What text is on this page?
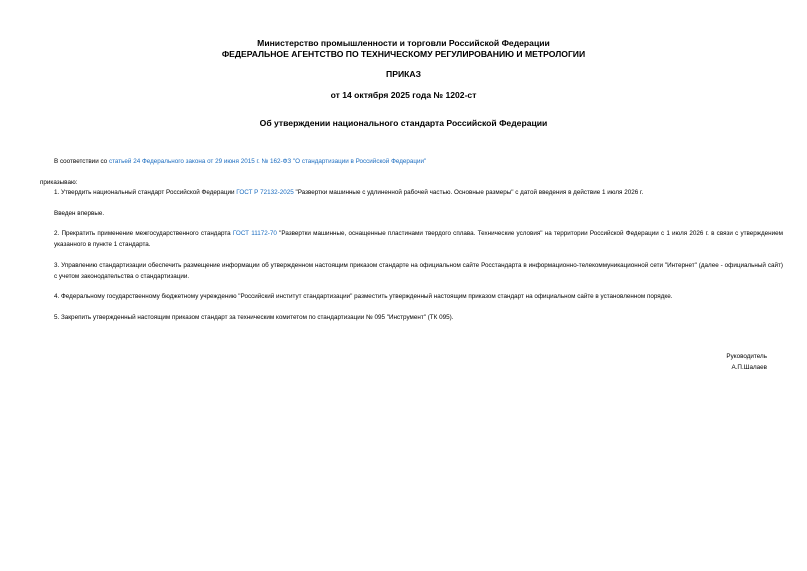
Министерство промышленности и торговли Российской Федерации
ФЕДЕРАЛЬНОЕ АГЕНТСТВО ПО ТЕХНИЧЕСКОМУ РЕГУЛИРОВАНИЮ И МЕТРОЛОГИИ
ПРИКАЗ
от 14 октября 2025 года № 1202-ст
Об утверждении национального стандарта Российской Федерации
В соответствии со статьей 24 Федерального закона от 29 июня 2015 г. № 162-ФЗ "О стандартизации в Российской Федерации"
приказываю:
1. Утвердить национальный стандарт Российской Федерации ГОСТ Р 72132-2025 "Развертки машинные с удлиненной рабочей частью. Основные размеры" с датой введения в действие 1 июля 2026 г.
Введен впервые.
2. Прекратить применение межгосударственного стандарта ГОСТ 11172-70 "Развертки машинные, оснащенные пластинами твердого сплава. Технические условия" на территории Российской Федерации с 1 июля 2026 г. в связи с утверждением указанного в пункте 1 стандарта.
3. Управлению стандартизации обеспечить размещение информации об утвержденном настоящим приказом стандарте на официальном сайте Росстандарта в информационно-телекоммуникационной сети "Интернет" (далее - официальный сайт) с учетом законодательства о стандартизации.
4. Федеральному государственному бюджетному учреждению "Российский институт стандартизации" разместить утвержденный настоящим приказом стандарт на официальном сайте в установленном порядке.
5. Закрепить утвержденный настоящим приказом стандарт за техническим комитетом по стандартизации № 095 "Инструмент" (ТК 095).
Руководитель
А.П.Шалаев
